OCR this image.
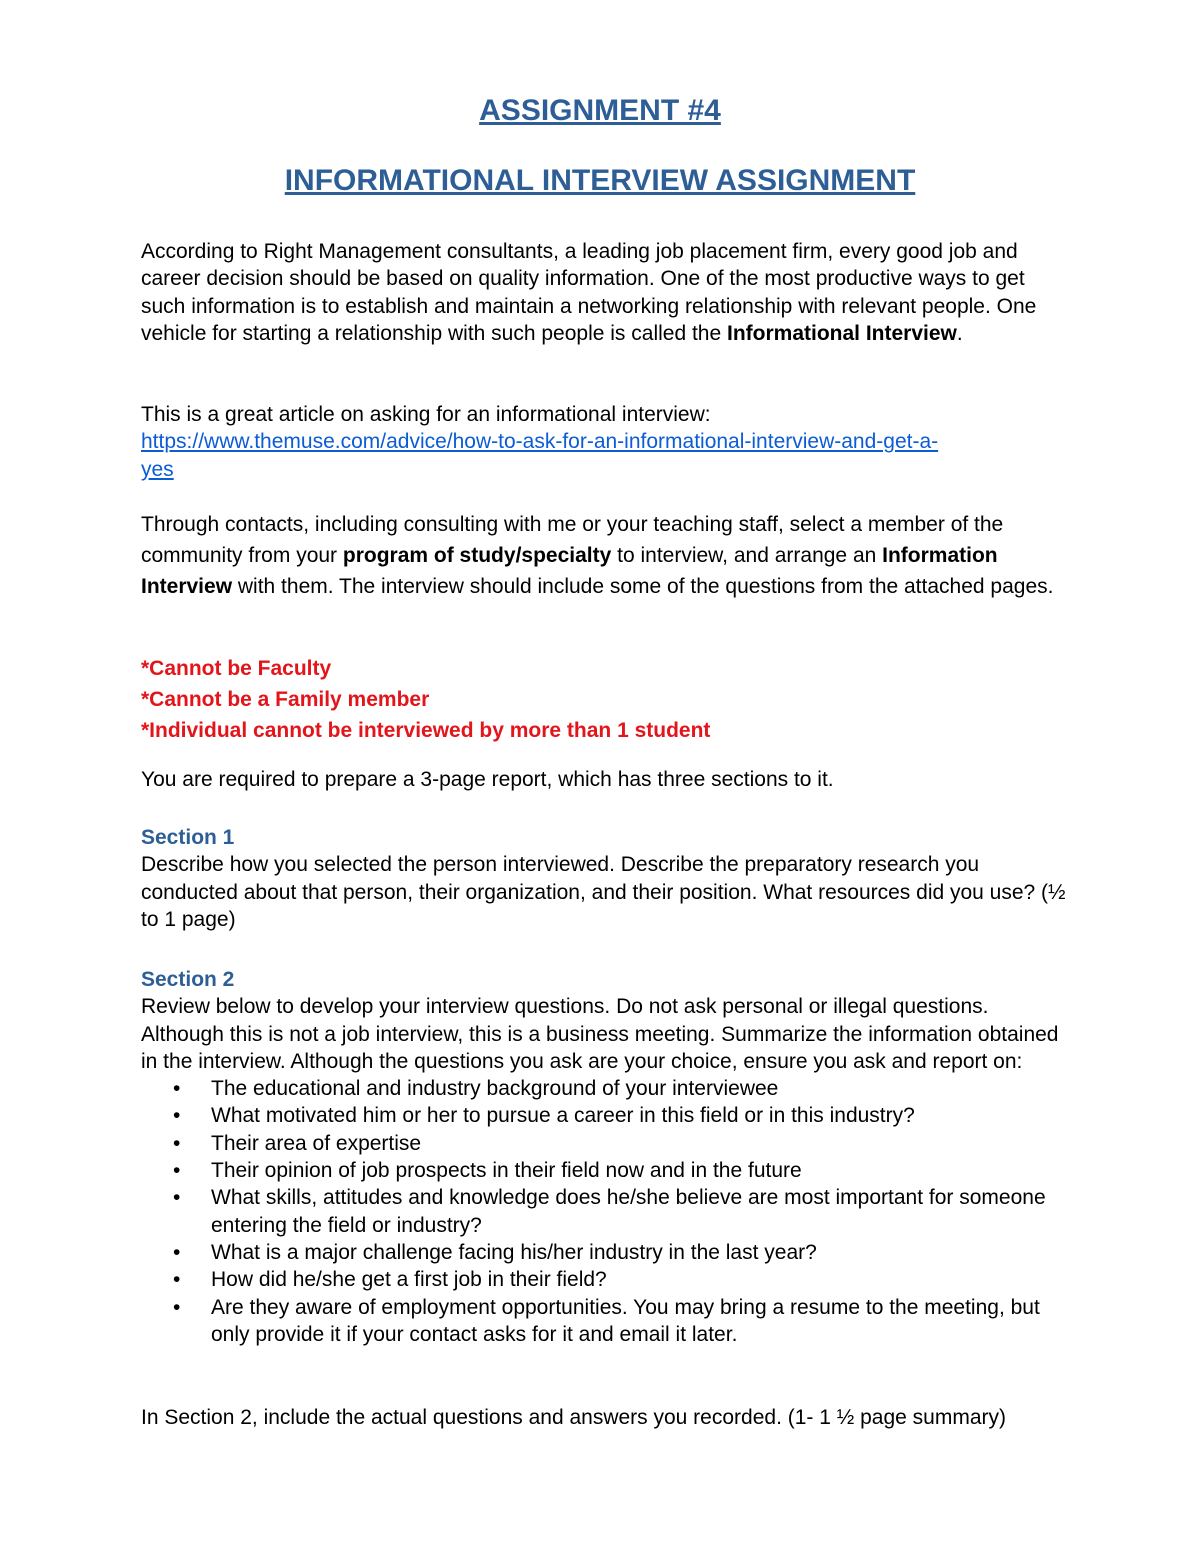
ASSIGNMENT #4
INFORMATIONAL INTERVIEW ASSIGNMENT

According to Right Management consultants, a leading job placement firm, every good job and career decision should be based on quality information. One of the most productive ways to get such information is to establish and maintain a networking relationship with relevant people. One vehicle for starting a relationship with such people is called the Informational Interview.

This is a great article on asking for an informational interview:

https://www.themuse.com/advice/how-to-ask-for-an-informational-interview-and-get-a-
yes

Through contacts, including consulting with me or your teaching staff, select a member of the community from your program of study/specialty to interview, and arrange an Information Interview with them. The interview should include some of the questions from the attached pages.

*Cannot be Faculty

*Cannot be a Family member

*Individual cannot be interviewed by more than 1 student

You are required to prepare a 3-page report, which has three sections to it.

Section 1

Describe how you selected the person interviewed. Describe the preparatory research you conducted about that person, their organization, and their position. What resources did you use? (½ to 1 page)

Section 2

Review below to develop your interview questions. Do not ask personal or illegal questions. Although this is not a job interview, this is a business meeting. Summarize the information obtained in the interview. Although the questions you ask are your choice, ensure you ask and report on:

• The educational and industry background of your interviewee
• What motivated him or her to pursue a career in this field or in this industry?
• Their area of expertise
• Their opinion of job prospects in their field now and in the future
• What skills, attitudes and knowledge does he/she believe are most important for someone entering the field or industry?
• What is a major challenge facing his/her industry in the last year?
• How did he/she get a first job in their field?
• Are they aware of employment opportunities. You may bring a resume to the meeting, but only provide it if your contact asks for it and email it later.

In Section 2, include the actual questions and answers you recorded. (1- 1 ½ page summary)
